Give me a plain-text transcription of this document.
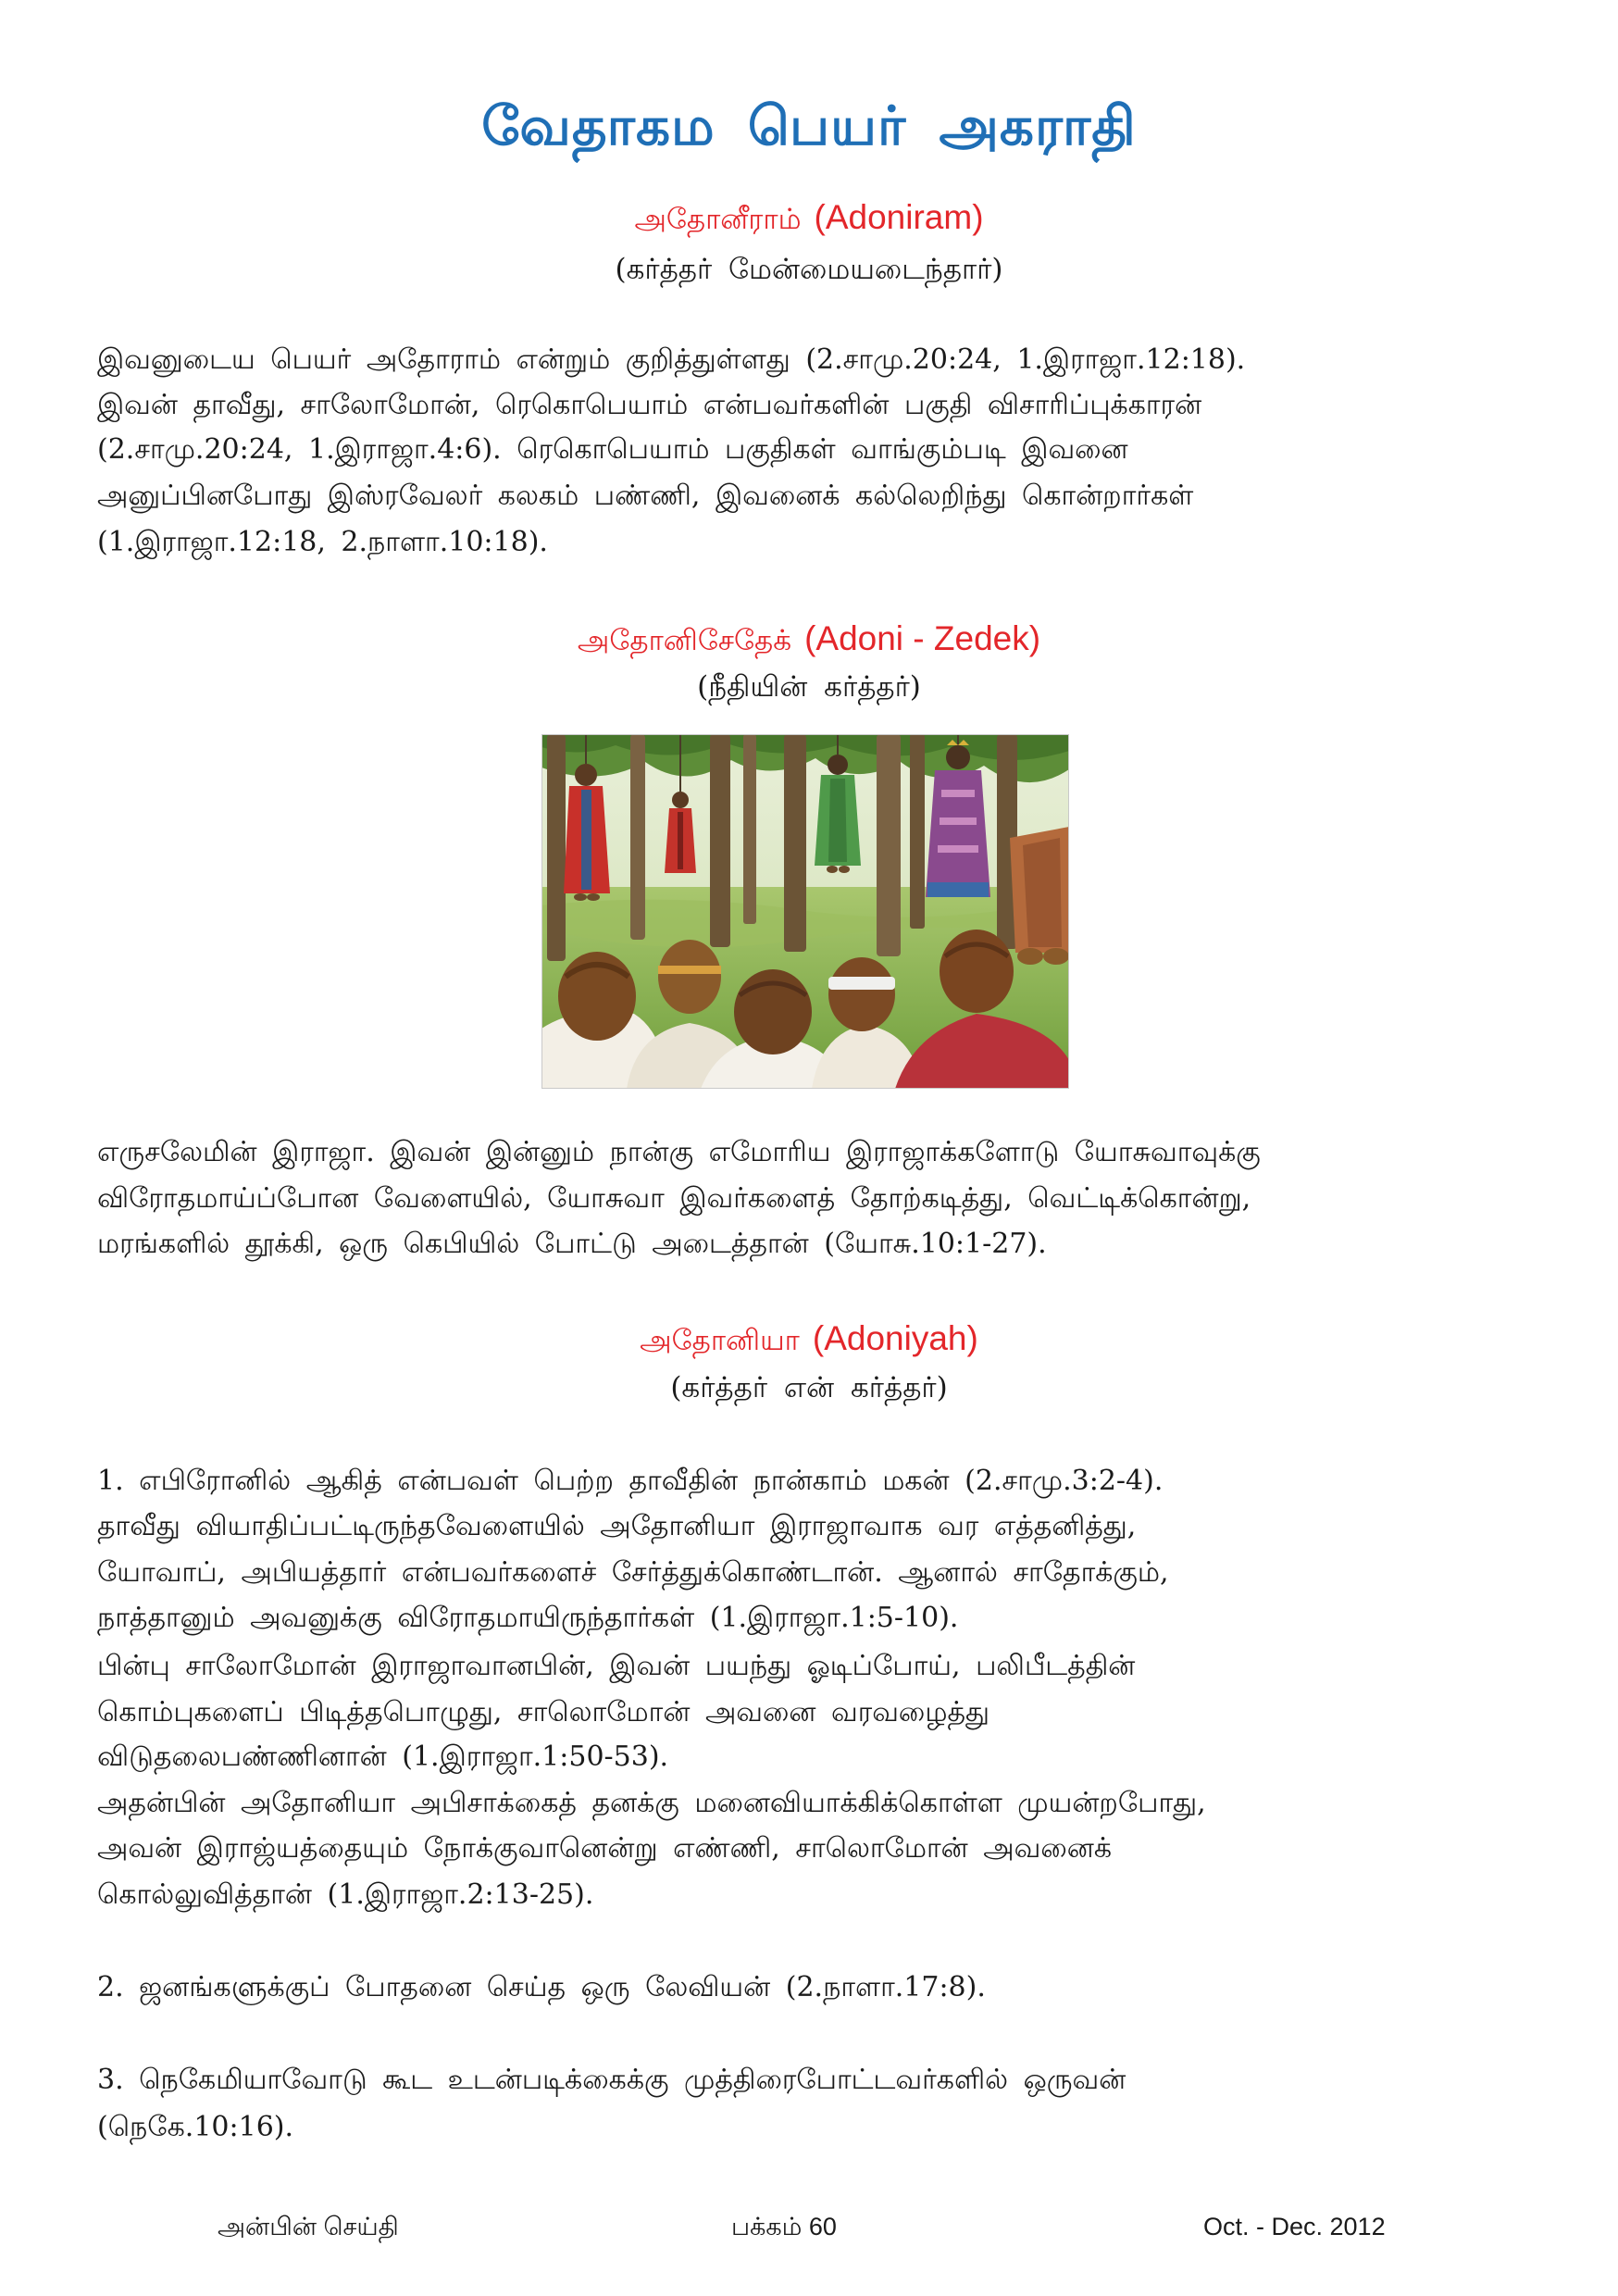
வேதாகம பெயர் அகராதி
அதோனீராம் (Adoniram)
(கர்த்தர் மேன்மையடைந்தார்)
இவனுடைய பெயர் அதோராம் என்றும் குறித்துள்ளது (2.சாமு.20:24, 1.இராஜா.12:18).
இவன் தாவீது, சாலோமோன், ரெகொபெயாம் என்பவர்களின் பகுதி விசாரிப்புக்காரன்
(2.சாமு.20:24, 1.இராஜா.4:6). ரெகொபெயாம் பகுதிகள் வாங்கும்படி இவனை
அனுப்பினபோது இஸ்ரவேலர் கலகம் பண்ணி, இவனைக் கல்லெறிந்து கொன்றார்கள்
(1.இராஜா.12:18, 2.நாளா.10:18).
அதோனிசேதேக் (Adoni - Zedek)
(நீதியின் கர்த்தர்)
எருசலேமின் இராஜா. இவன் இன்னும் நான்கு எமோரிய இராஜாக்களோடு யோசுவாவுக்கு
விரோதமாய்ப்போன வேளையில், யோசுவா இவர்களைத் தோற்கடித்து, வெட்டிக்கொன்று,
மரங்களில் தூக்கி, ஒரு கெபியில் போட்டு அடைத்தான் (யோசு.10:1-27).
அதோனியா (Adoniyah)
(கர்த்தர் என் கர்த்தர்)
1. எபிரோனில் ஆகித் என்பவள் பெற்ற தாவீதின் நான்காம் மகன் (2.சாமு.3:2-4).
தாவீது வியாதிப்பட்டிருந்தவேளையில் அதோனியா இராஜாவாக வர எத்தனித்து,
யோவாப், அபியத்தார் என்பவர்களைச் சேர்த்துக்கொண்டான். ஆனால் சாதோக்கும்,
நாத்தானும் அவனுக்கு விரோதமாயிருந்தார்கள் (1.இராஜா.1:5-10).
பின்பு சாலோமோன் இராஜாவானபின், இவன் பயந்து ஓடிப்போய், பலிபீடத்தின்
கொம்புகளைப் பிடித்தபொழுது, சாலொமோன் அவனை வரவழைத்து
விடுதலைபண்ணினான் (1.இராஜா.1:50-53).
அதன்பின் அதோனியா அபிசாக்கைத் தனக்கு மனைவியாக்கிக்கொள்ள முயன்றபோது,
அவன் இராஜ்யத்தையும் நோக்குவானென்று எண்ணி, சாலொமோன் அவனைக்
கொல்லுவித்தான் (1.இராஜா.2:13-25).
2. ஜனங்களுக்குப் போதனை செய்த ஒரு லேவியன் (2.நாளா.17:8).
3. நெகேமியாவோடு கூட உடன்படிக்கைக்கு முத்திரைபோட்டவர்களில் ஒருவன்
(நெகே.10:16).
அன்பின் செய்தி	பக்கம் 60	Oct. - Dec. 2012
